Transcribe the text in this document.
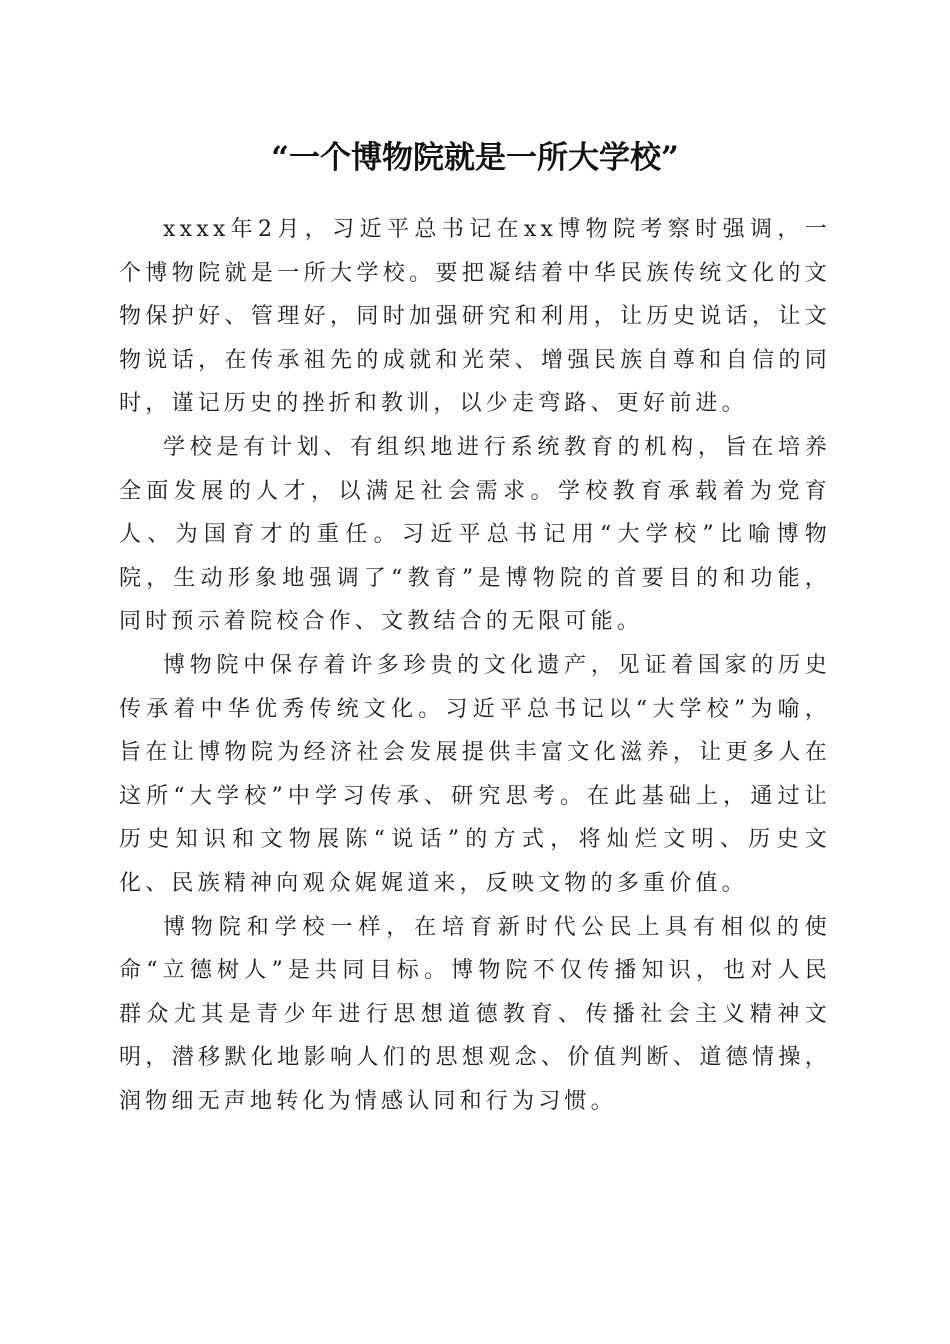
“一个博物院就是一所大学校”

xxxx年2月，习近平总书记在xx博物院考察时强调，一个博物院就是一所大学校。要把凝结着中华民族传统文化的文物保护好、管理好，同时加强研究和利用，让历史说话，让文物说话，在传承祖先的成就和光荣、增强民族自尊和自信的同时，谨记历史的挫折和教训，以少走弯路、更好前进。

学校是有计划、有组织地进行系统教育的机构，旨在培养全面发展的人才，以满足社会需求。学校教育承载着为党育人、为国育才的重任。习近平总书记用“大学校”比喻博物院，生动形象地强调了“教育”是博物院的首要目的和功能，同时预示着院校合作、文教结合的无限可能。

博物院中保存着许多珍贵的文化遗产，见证着国家的历史传承着中华优秀传统文化。习近平总书记以“大学校”为喻，旨在让博物院为经济社会发展提供丰富文化滋养，让更多人在这所“大学校”中学习传承、研究思考。在此基础上，通过让历史知识和文物展陈“说话”的方式，将灿烂文明、历史文化、民族精神向观众娓娓道来，反映文物的多重价值。

博物院和学校一样，在培育新时代公民上具有相似的使命“立德树人”是共同目标。博物院不仅传播知识，也对人民群众尤其是青少年进行思想道德教育、传播社会主义精神文明，潜移默化地影响人们的思想观念、价值判断、道德情操，润物细无声地转化为情感认同和行为习惯。
